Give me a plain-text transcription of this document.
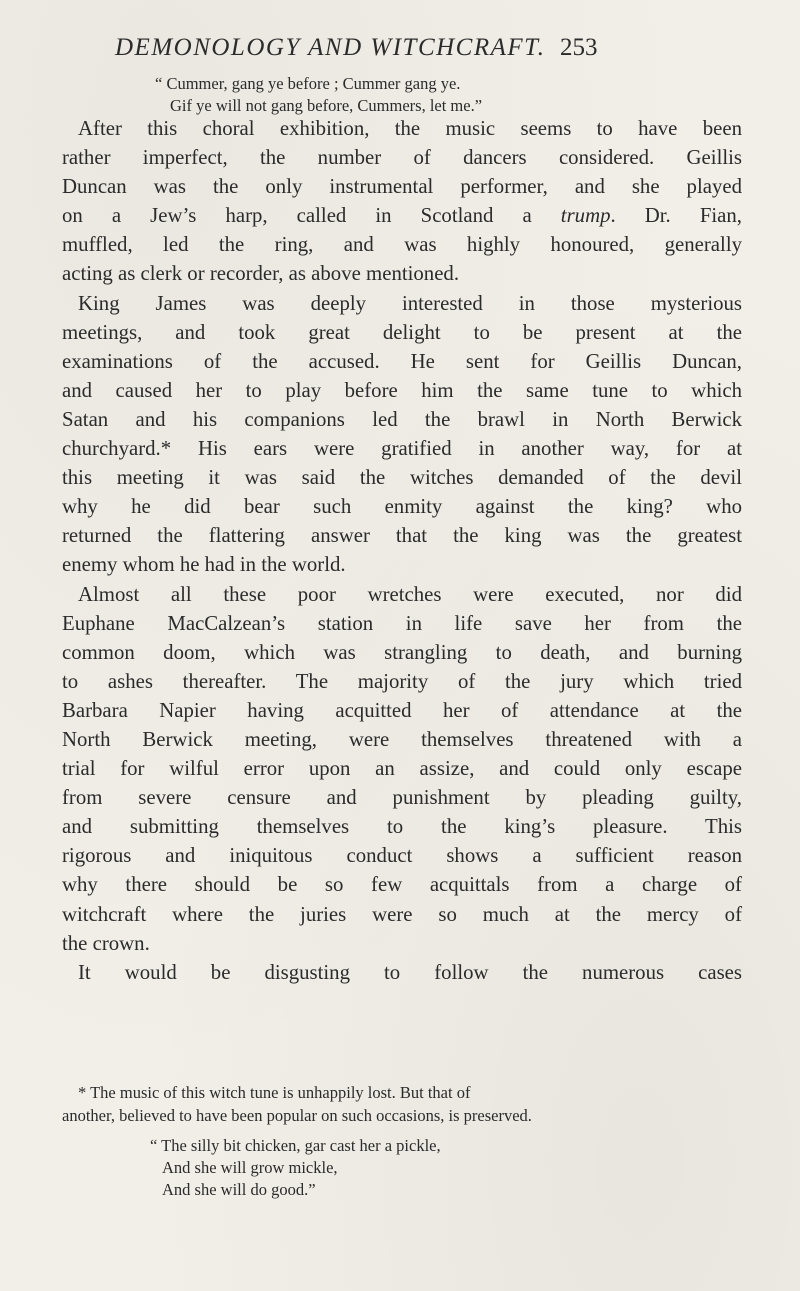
DEMONOLOGY AND WITCHCRAFT. 253
“ Cummer, gang ye before ; Cummer gang ye.
Gif ye will not gang before, Cummers, let me.”
After this choral exhibition, the music seems to have been
rather imperfect, the number of dancers considered. Geillis
Duncan was the only instrumental performer, and she played
on a Jew’s harp, called in Scotland a trump. Dr. Fian,
muffled, led the ring, and was highly honoured, generally
acting as clerk or recorder, as above mentioned.
King James was deeply interested in those mysterious
meetings, and took great delight to be present at the
examinations of the accused. He sent for Geillis Duncan,
and caused her to play before him the same tune to which
Satan and his companions led the brawl in North Berwick
churchyard.* His ears were gratified in another way, for at
this meeting it was said the witches demanded of the devil
why he did bear such enmity against the king? who
returned the flattering answer that the king was the greatest
enemy whom he had in the world.
Almost all these poor wretches were executed, nor did
Euphane MacCalzean’s station in life save her from the
common doom, which was strangling to death, and burning
to ashes thereafter. The majority of the jury which tried
Barbara Napier having acquitted her of attendance at the
North Berwick meeting, were themselves threatened with a
trial for wilful error upon an assize, and could only escape
from severe censure and punishment by pleading guilty,
and submitting themselves to the king’s pleasure. This
rigorous and iniquitous conduct shows a sufficient reason
why there should be so few acquittals from a charge of
witchcraft where the juries were so much at the mercy of
the crown.
It would be disgusting to follow the numerous cases
* The music of this witch tune is unhappily lost. But that of
another, believed to have been popular on such occasions, is preserved.
“ The silly bit chicken, gar cast her a pickle,
And she will grow mickle,
And she will do good.”
